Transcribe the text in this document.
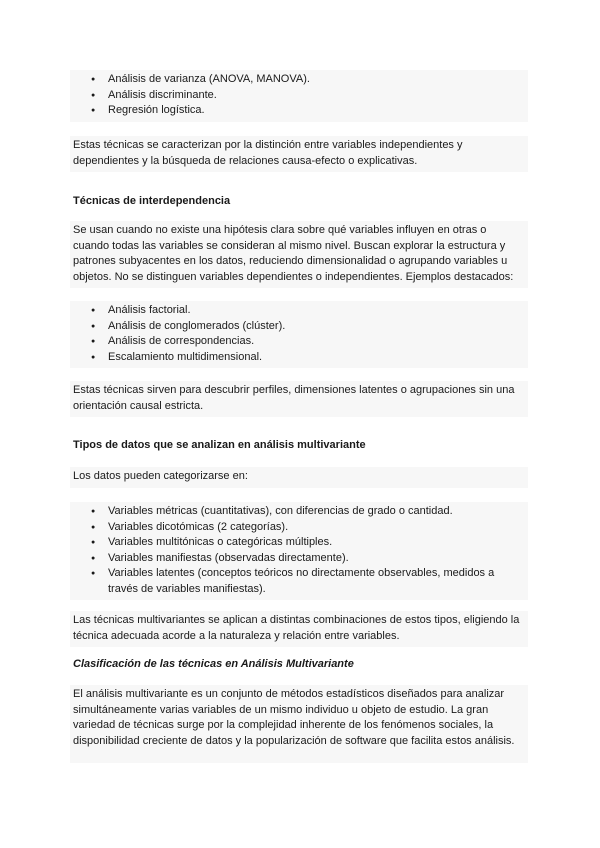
● Análisis de varianza (ANOVA, MANOVA).
● Análisis discriminante.
● Regresión logística.

Estas técnicas se caracterizan por la distinción entre variables independientes y dependientes y la búsqueda de relaciones causa-efecto o explicativas.

Técnicas de interdependencia

Se usan cuando no existe una hipótesis clara sobre qué variables influyen en otras o cuando todas las variables se consideran al mismo nivel. Buscan explorar la estructura y patrones subyacentes en los datos, reduciendo dimensionalidad o agrupando variables u objetos. No se distinguen variables dependientes o independientes. Ejemplos destacados:

● Análisis factorial.
● Análisis de conglomerados (clúster).
● Análisis de correspondencias.
● Escalamiento multidimensional.

Estas técnicas sirven para descubrir perfiles, dimensiones latentes o agrupaciones sin una orientación causal estricta.

Tipos de datos que se analizan en análisis multivariante

Los datos pueden categorizarse en:

● Variables métricas (cuantitativas), con diferencias de grado o cantidad.
● Variables dicotómicas (2 categorías).
● Variables multitónicas o categóricas múltiples.
● Variables manifiestas (observadas directamente).
● Variables latentes (conceptos teóricos no directamente observables, medidos a través de variables manifiestas).

Las técnicas multivariantes se aplican a distintas combinaciones de estos tipos, eligiendo la técnica adecuada acorde a la naturaleza y relación entre variables.

Clasificación de las técnicas en Análisis Multivariante

El análisis multivariante es un conjunto de métodos estadísticos diseñados para analizar simultáneamente varias variables de un mismo individuo u objeto de estudio. La gran variedad de técnicas surge por la complejidad inherente de los fenómenos sociales, la disponibilidad creciente de datos y la popularización de software que facilita estos análisis.
